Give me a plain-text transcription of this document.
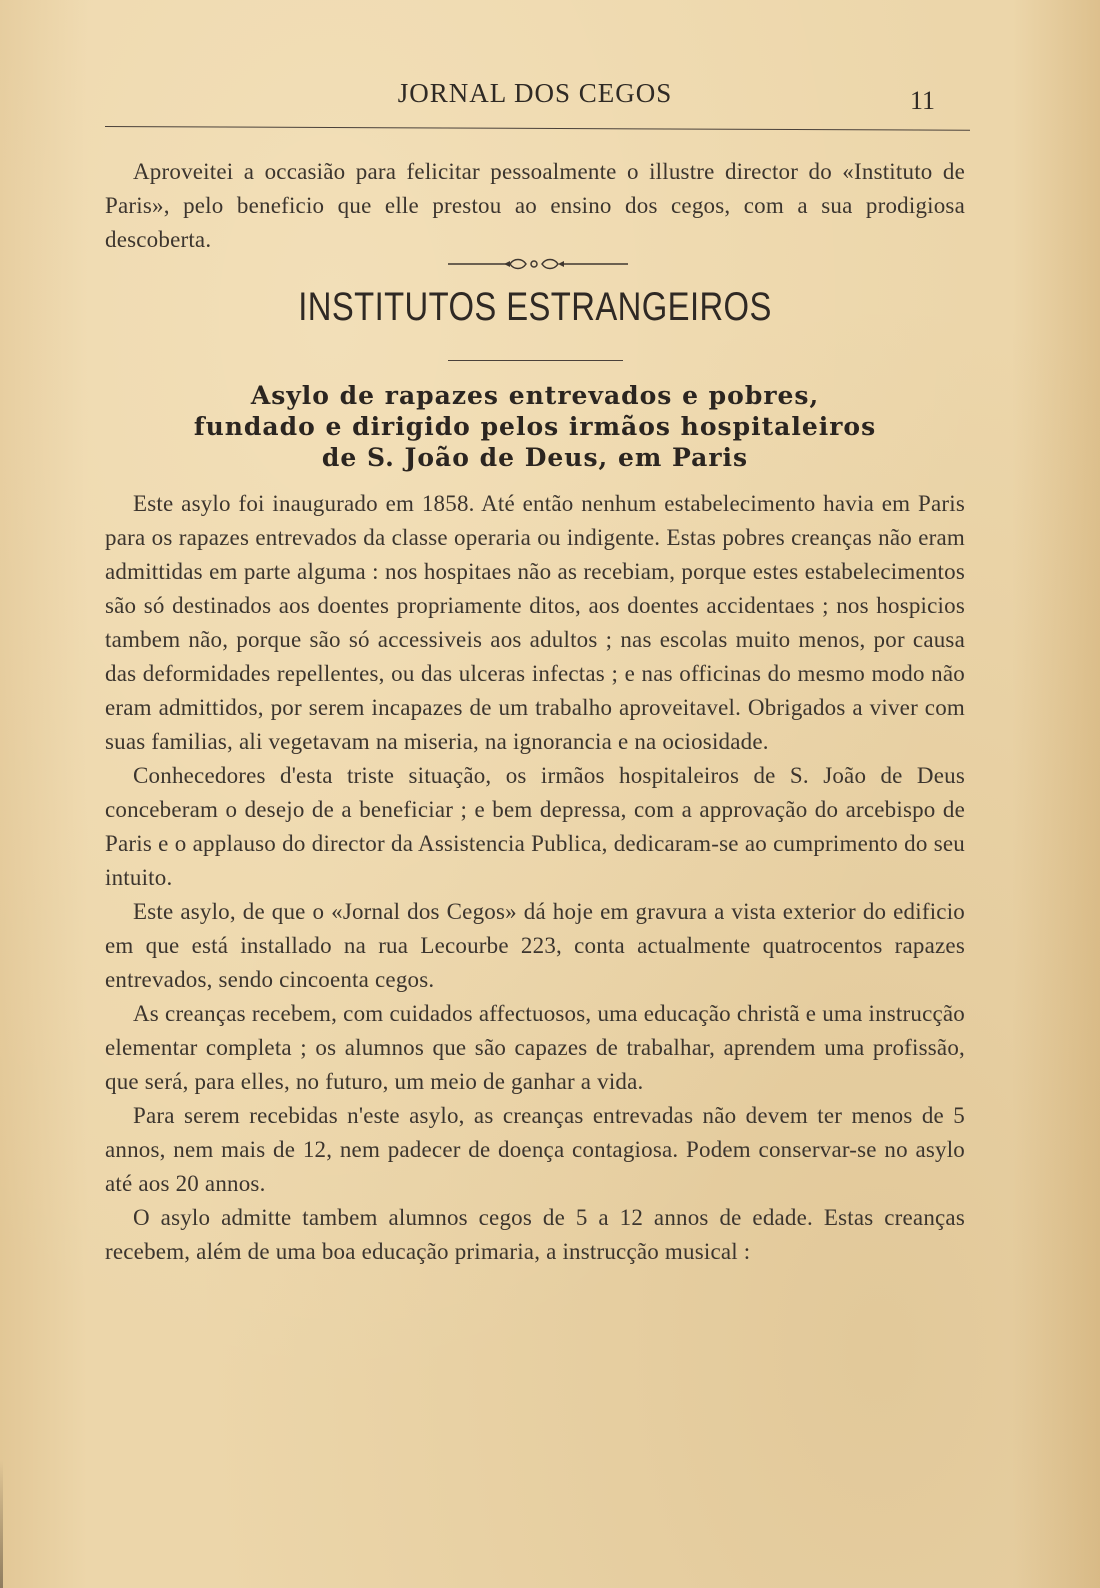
JORNAL DOS CEGOS	11

Aproveitei a occasião para felicitar pessoalmente o illustre director do «Instituto de Paris», pelo beneficio que elle prestou ao ensino dos cegos, com a sua prodigiosa descoberta.

INSTITUTOS ESTRANGEIROS
Asylo de rapazes entrevados e pobres,
fundado e dirigido pelos irmãos hospitaleiros
de S. João de Deus, em Paris

Este asylo foi inaugurado em 1858. Até então nenhum estabelecimento havia em Paris para os rapazes entrevados da classe operaria ou indigente. Estas pobres creanças não eram admittidas em parte alguma : nos hospitaes não as recebiam, porque estes estabelecimentos são só destinados aos doentes propriamente ditos, aos doentes accidentaes ; nos hospicios tambem não, porque são só accessiveis aos adultos ; nas escolas muito menos, por causa das deformidades repellentes, ou das ulceras infectas ; e nas officinas do mesmo modo não eram admittidos, por serem incapazes de um trabalho aproveitavel. Obrigados a viver com suas familias, ali vegetavam na miseria, na ignorancia e na ociosidade.

Conhecedores d'esta triste situação, os irmãos hospitaleiros de S. João de Deus conceberam o desejo de a beneficiar ; e bem depressa, com a approvação do arcebispo de Paris e o applauso do director da Assistencia Publica, dedicaram-se ao cumprimento do seu intuito.

Este asylo, de que o «Jornal dos Cegos» dá hoje em gravura a vista exterior do edificio em que está installado na rua Lecourbe 223, conta actualmente quatrocentos rapazes entrevados, sendo cincoenta cegos.

As creanças recebem, com cuidados affectuosos, uma educação christã e uma instrucção elementar completa ; os alumnos que são capazes de trabalhar, aprendem uma profissão, que será, para elles, no futuro, um meio de ganhar a vida.

Para serem recebidas n'este asylo, as creanças entrevadas não devem ter menos de 5 annos, nem mais de 12, nem padecer de doença contagiosa. Podem conservar-se no asylo até aos 20 annos.

O asylo admitte tambem alumnos cegos de 5 a 12 annos de edade. Estas creanças recebem, além de uma boa educação primaria, a instrucção musical :
